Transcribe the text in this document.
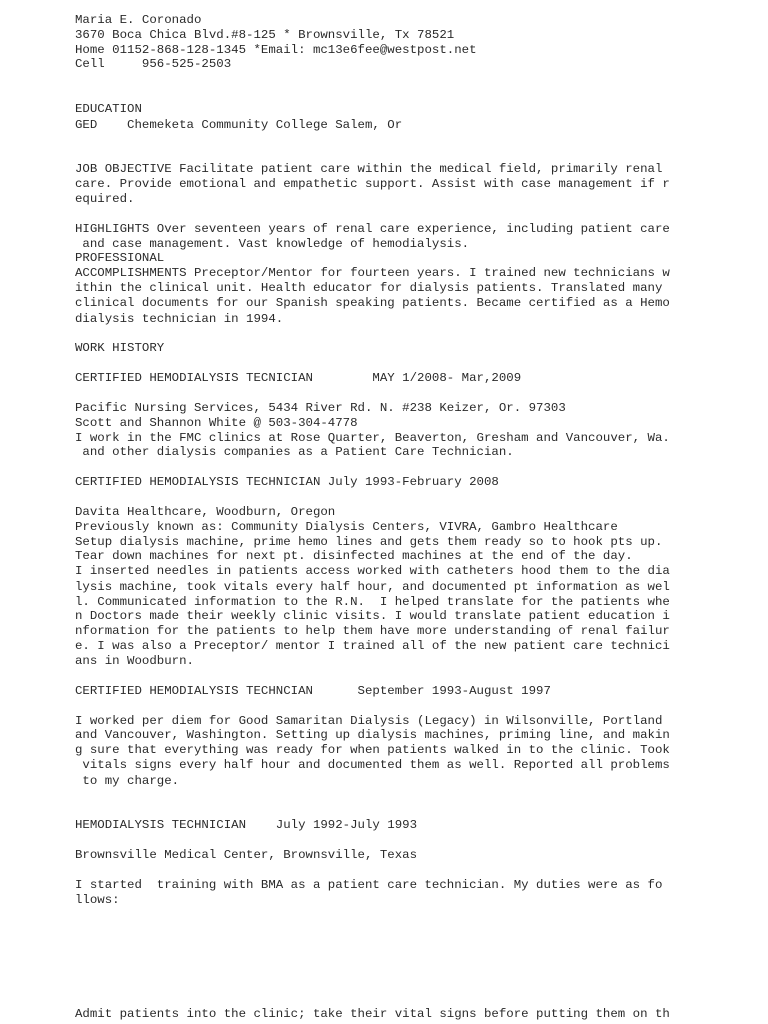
Maria E. Coronado

3670 Boca Chica Blvd.#8-125 * Brownsville, Tx 78521

Home 01152-868-128-1345 *Email: mc13e6fee@westpost.net

Cell     956-525-2503

EDUCATION

GED    Chemeketa Community College Salem, Or

JOB OBJECTIVE Facilitate patient care within the medical field, primarily renal

care. Provide emotional and empathetic support. Assist with case management if r

equired.

HIGHLIGHTS Over seventeen years of renal care experience, including patient care

and case management. Vast knowledge of hemodialysis.

PROFESSIONAL

ACCOMPLISHMENTS Preceptor/Mentor for fourteen years. I trained new technicians w

ithin the clinical unit. Health educator for dialysis patients. Translated many

clinical documents for our Spanish speaking patients. Became certified as a Hemo

dialysis technician in 1994.

WORK HISTORY

CERTIFIED HEMODIALYSIS TECNICIAN        MAY 1/2008- Mar,2009

Pacific Nursing Services, 5434 River Rd. N. #238 Keizer, Or. 97303

Scott and Shannon White @ 503-304-4778

I work in the FMC clinics at Rose Quarter, Beaverton, Gresham and Vancouver, Wa.

and other dialysis companies as a Patient Care Technician.

CERTIFIED HEMODIALYSIS TECHNICIAN July 1993-February 2008

Davita Healthcare, Woodburn, Oregon

Previously known as: Community Dialysis Centers, VIVRA, Gambro Healthcare

Setup dialysis machine, prime hemo lines and gets them ready so to hook pts up.

Tear down machines for next pt. disinfected machines at the end of the day.

I inserted needles in patients access worked with catheters hood them to the dia

lysis machine, took vitals every half hour, and documented pt information as wel

l. Communicated information to the R.N.  I helped translate for the patients whe

n Doctors made their weekly clinic visits. I would translate patient education i

nformation for the patients to help them have more understanding of renal failur

e. I was also a Preceptor/ mentor I trained all of the new patient care technici

ans in Woodburn.

CERTIFIED HEMODIALYSIS TECHNCIAN      September 1993-August 1997

I worked per diem for Good Samaritan Dialysis (Legacy) in Wilsonville, Portland

and Vancouver, Washington. Setting up dialysis machines, priming line, and makin

g sure that everything was ready for when patients walked in to the clinic. Took

vitals signs every half hour and documented them as well. Reported all problems

to my charge.

HEMODIALYSIS TECHNICIAN    July 1992-July 1993

Brownsville Medical Center, Brownsville, Texas

I started  training with BMA as a patient care technician. My duties were as fo

llows:

Admit patients into the clinic; take their vital signs before putting them on th
